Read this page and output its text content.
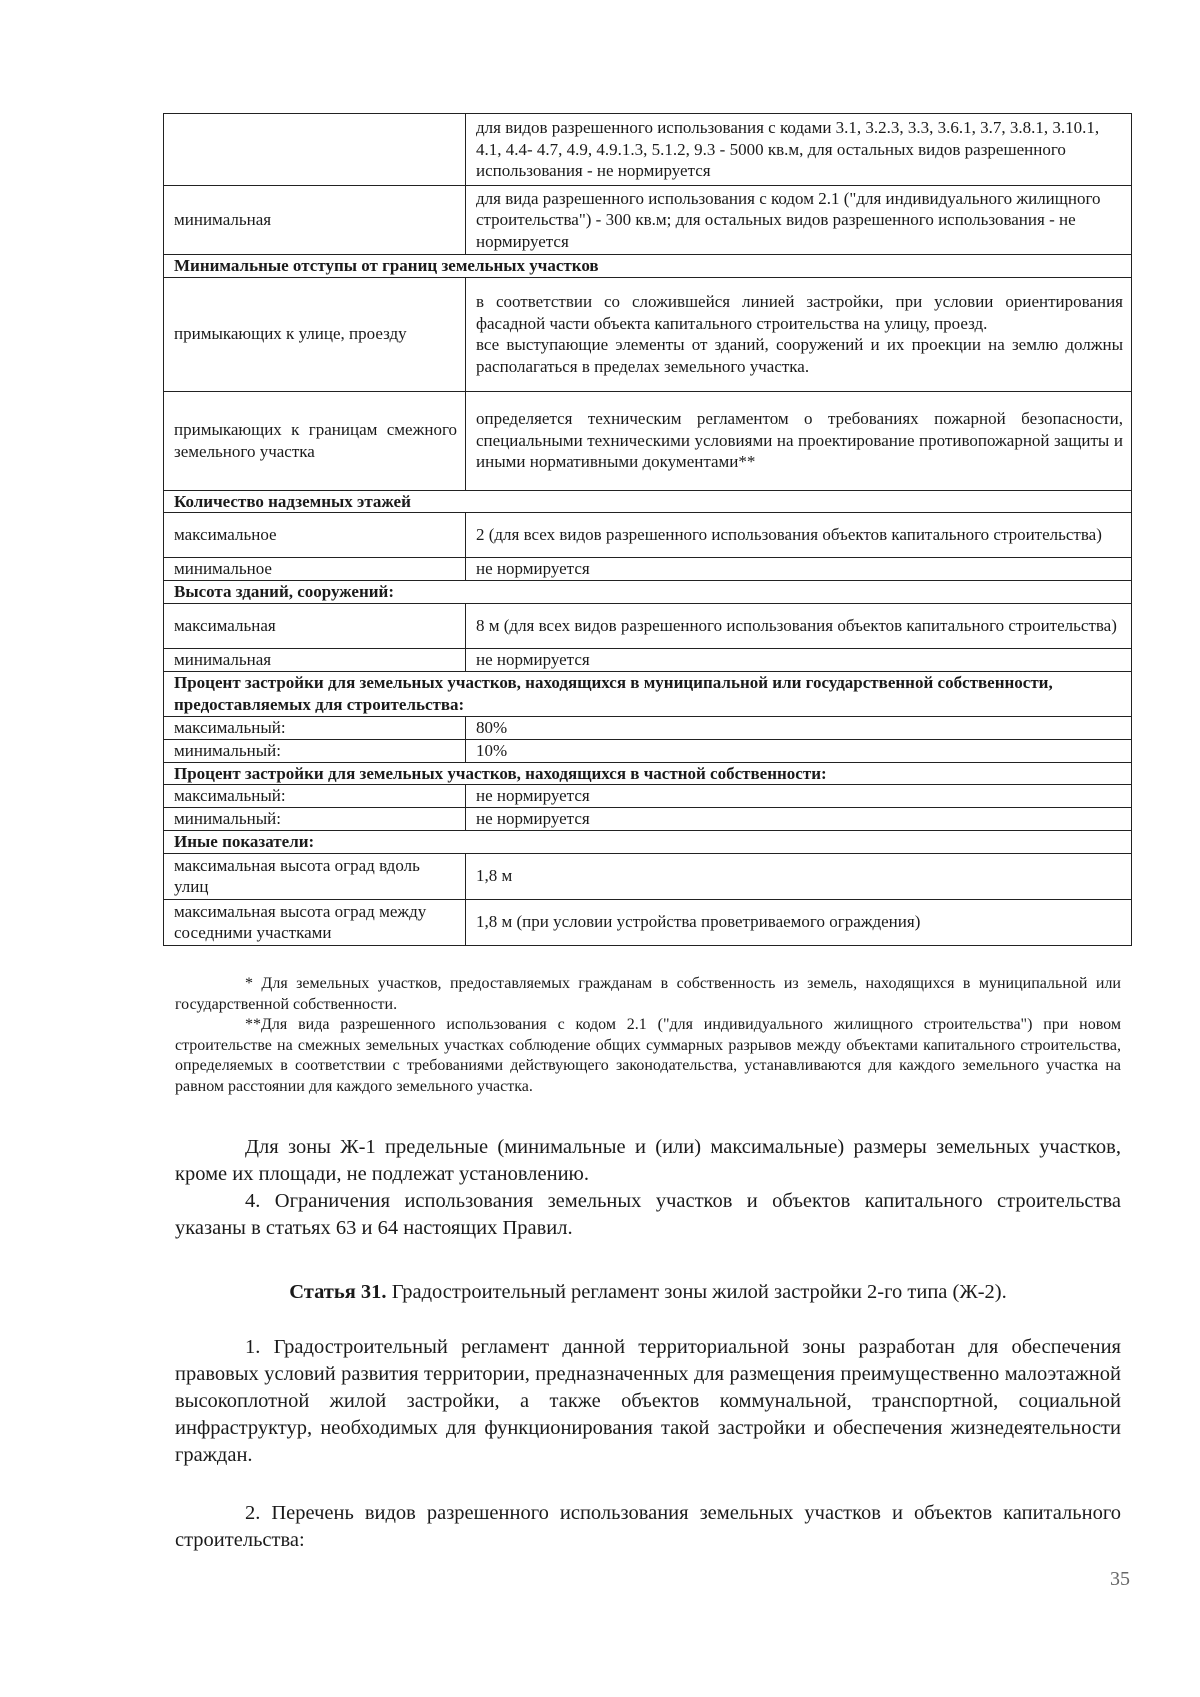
	для видов разрешенного использования с кодами 3.1, 3.2.3, 3.3, 3.6.1, 3.7, 3.8.1, 3.10.1, 4.1, 4.4- 4.7, 4.9, 4.9.1.3, 5.1.2, 9.3 - 5000 кв.м, для остальных видов разрешенного использования - не нормируется
минимальная	для вида разрешенного использования с кодом 2.1 ("для индивидуального жилищного строительства") - 300 кв.м; для остальных видов разрешенного использования - не нормируется
Минимальные отступы от границ земельных участков	
примыкающих к улице, проезду	в соответствии со сложившейся линией застройки, при условии ориентирования фасадной части объекта капитального строительства на улицу, проезд.
все выступающие элементы от зданий, сооружений и их проекции на землю должны располагаться в пределах земельного участка.

примыкающих к границам смежного земельного участка	определяется техническим регламентом о требованиях пожарной безопасности, специальными техническими условиями на проектирование противопожарной защиты и иными нормативными документами**
Количество надземных этажей	
максимальное	2 (для всех видов разрешенного использования объектов капитального строительства)
минимальное	не нормируется
Высота зданий, сооружений:	
максимальная	8 м (для всех видов разрешенного использования объектов капитального строительства)
минимальная	не нормируется
Процент застройки для земельных участков, находящихся в муниципальной или государственной собственности, предоставляемых для строительства:	
максимальный:	80%
минимальный:	10%
Процент застройки для земельных участков, находящихся в частной собственности:	
максимальный:	не нормируется
минимальный:	не нормируется
Иные показатели:	
максимальная высота оград вдоль улиц	1,8 м
максимальная высота оград между соседними участками	1,8 м (при условии устройства проветриваемого ограждения)

* Для земельных участков, предоставляемых гражданам в собственность из земель, находящихся в муниципальной или государственной собственности.

**Для вида разрешенного использования с кодом 2.1 ("для индивидуального жилищного строительства") при новом строительстве на смежных земельных участках соблюдение общих суммарных разрывов между объектами капитального строительства, определяемых в соответствии с требованиями действующего законодательства, устанавливаются для каждого земельного участка на равном расстоянии для каждого земельного участка.

Для зоны Ж-1 предельные (минимальные и (или) максимальные) размеры земельных участков, кроме их площади, не подлежат установлению.

4. Ограничения использования земельных участков и объектов капитального строительства указаны в статьях 63 и 64 настоящих Правил.

Статья 31. Градостроительный регламент зоны жилой застройки 2-го типа (Ж-2).

1. Градостроительный регламент данной территориальной зоны разработан для обеспечения правовых условий развития территории, предназначенных для размещения преимущественно малоэтажной высокоплотной жилой застройки, а также объектов коммунальной, транспортной, социальной инфраструктур, необходимых для функционирования такой застройки и обеспечения жизнедеятельности граждан.

2. Перечень видов разрешенного использования земельных участков и объектов капитального строительства:

35
